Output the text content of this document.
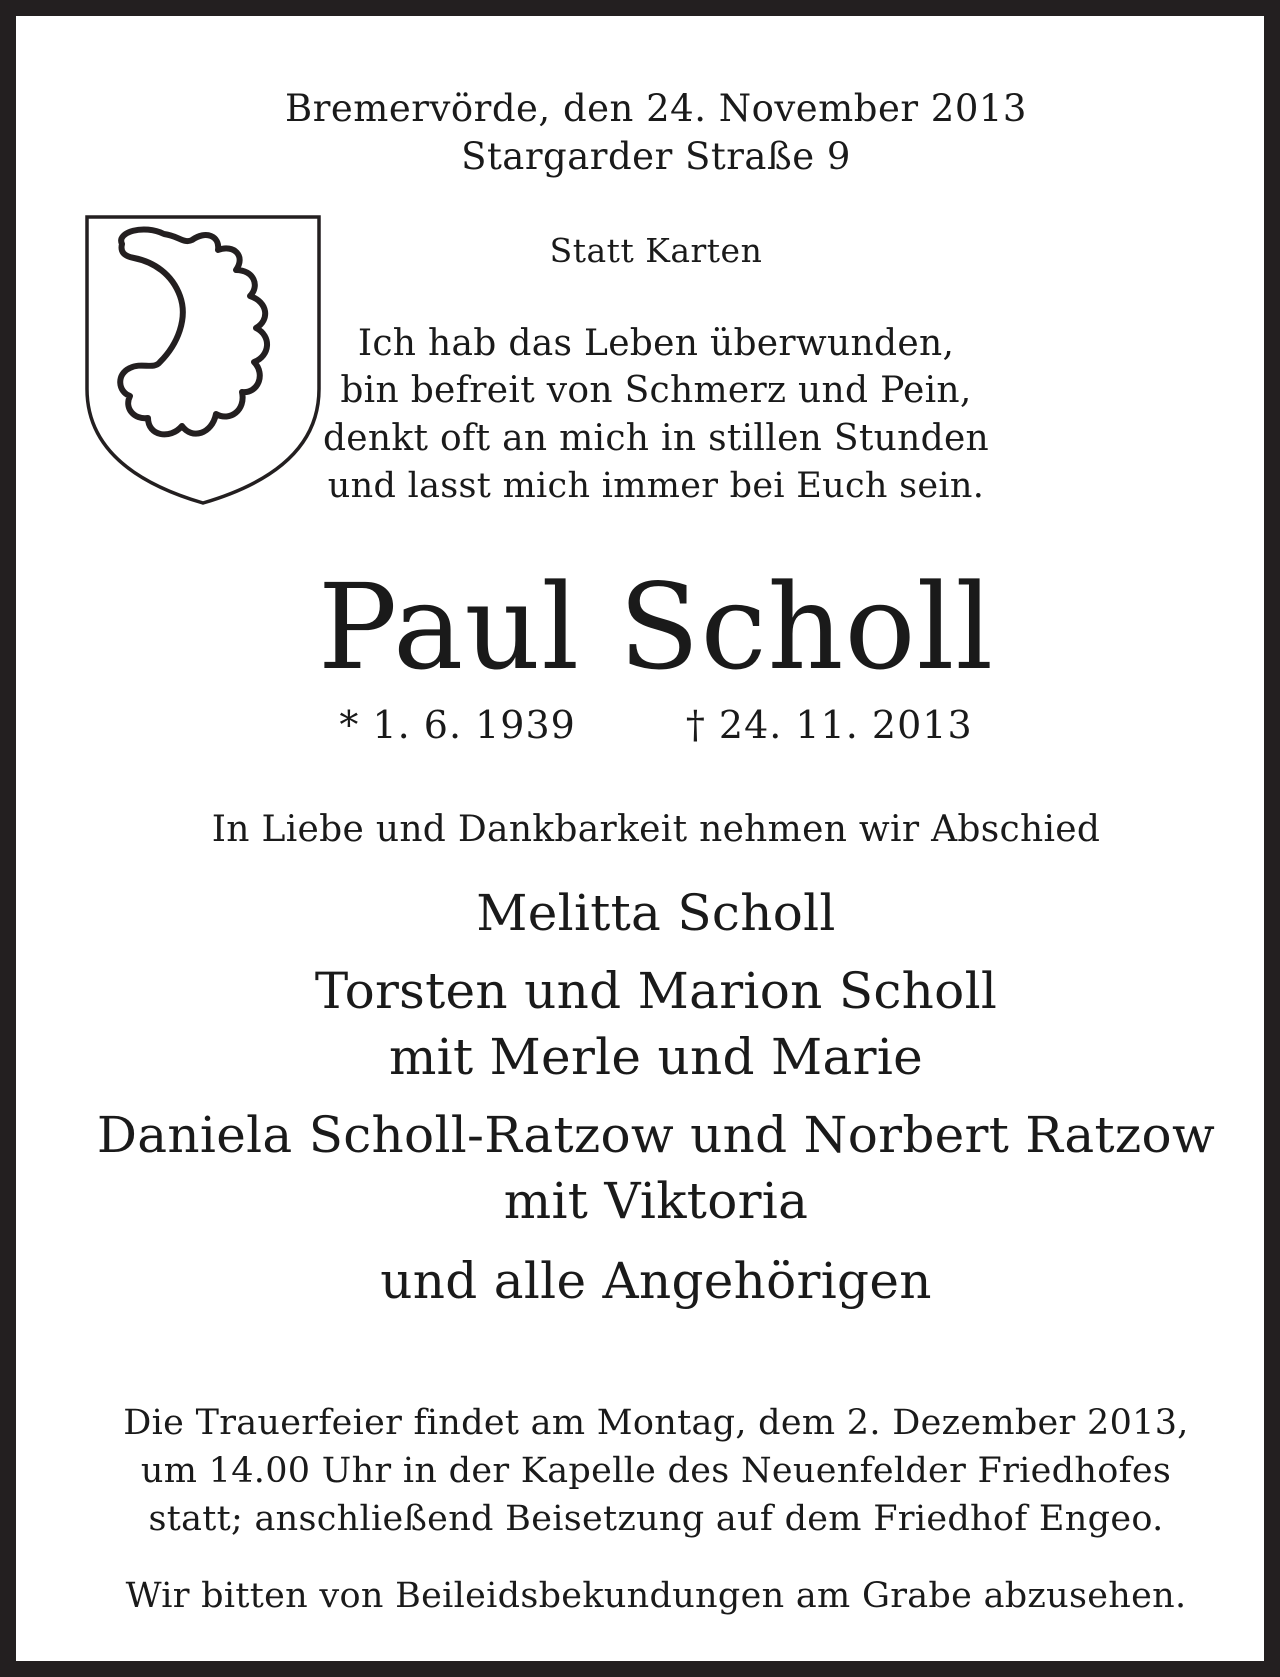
Bremervörde, den 24. November 2013
Stargarder Straße 9
Statt Karten
Ich hab das Leben überwunden,
bin befreit von Schmerz und Pein,
denkt oft an mich in stillen Stunden
und lasst mich immer bei Euch sein.
Paul Scholl
* 1. 6. 1939	† 24. 11. 2013
In Liebe und Dankbarkeit nehmen wir Abschied
Melitta Scholl
Torsten und Marion Scholl
mit Merle und Marie
Daniela Scholl-Ratzow und Norbert Ratzow
mit Viktoria
und alle Angehörigen
Die Trauerfeier findet am Montag, dem 2. Dezember 2013,
um 14.00 Uhr in der Kapelle des Neuenfelder Friedhofes
statt; anschließend Beisetzung auf dem Friedhof Engeo.
Wir bitten von Beileidsbekundungen am Grabe abzusehen.
